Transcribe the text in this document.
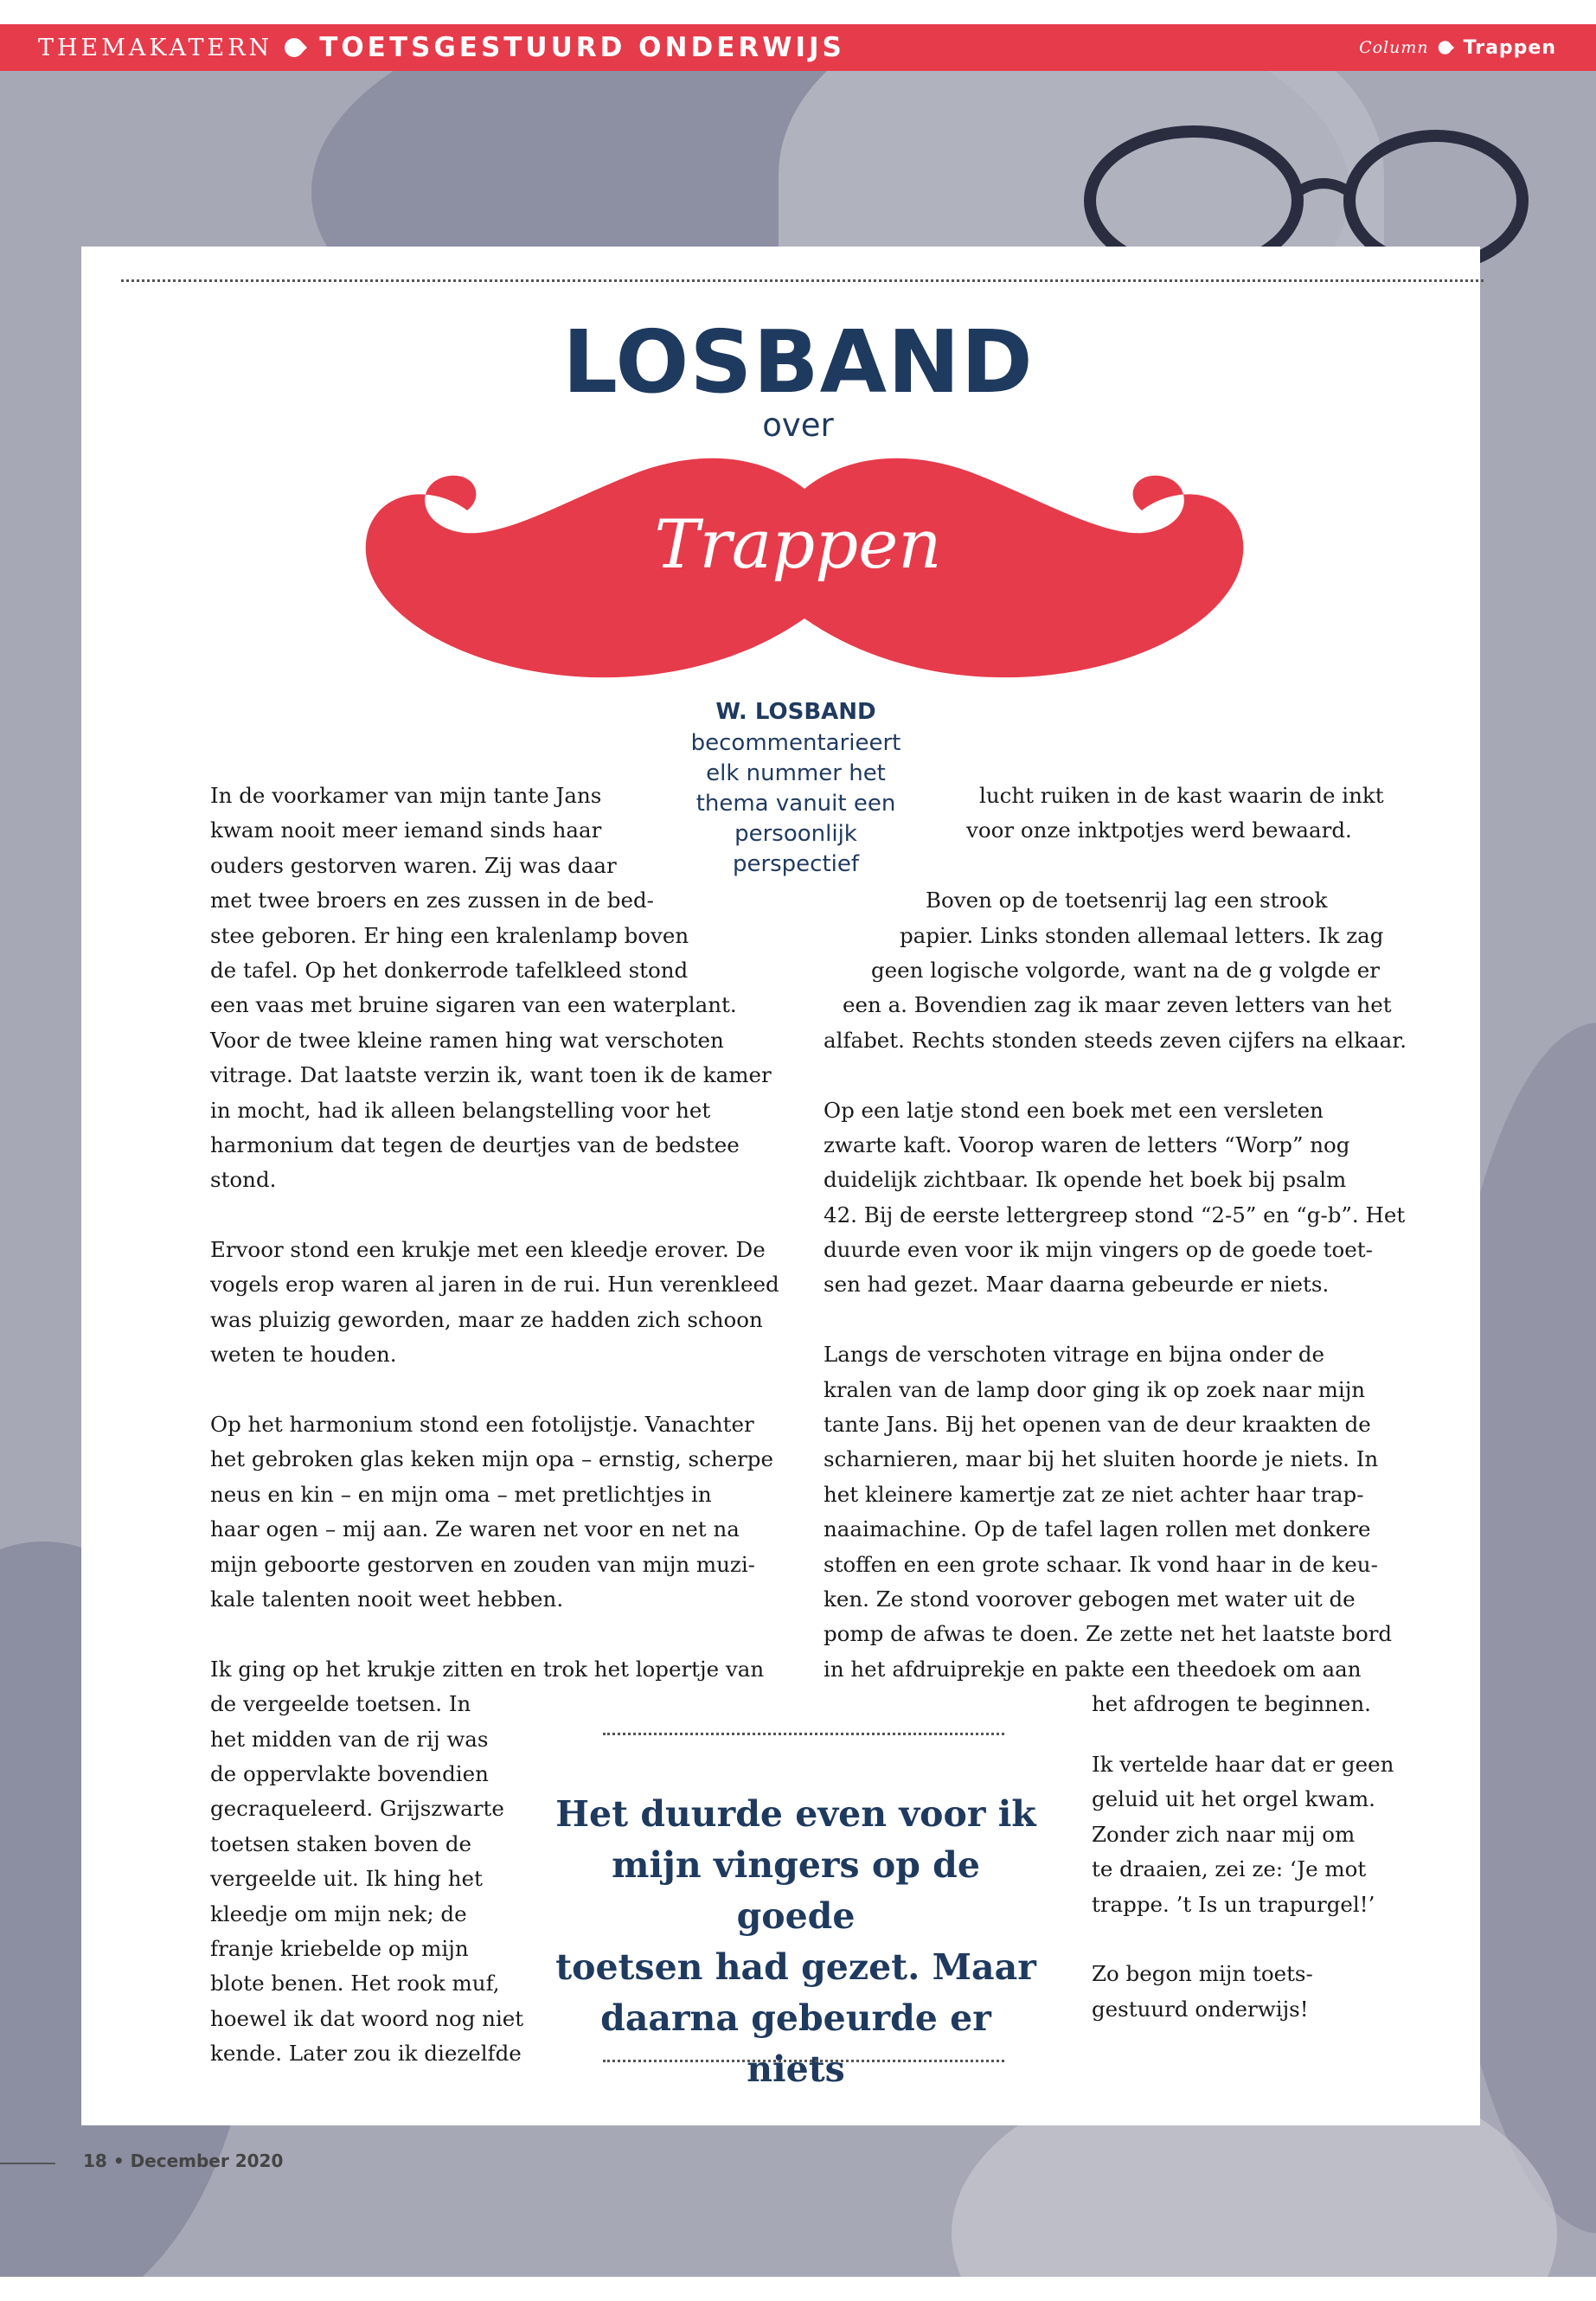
THEMAKATERN TOETSGESTUURD ONDERWIJS	Column Trappen
LOSBAND
over
Trappen
W. LOSBAND
becommentarieert
elk nummer het
thema vanuit een
persoonlijk
perspectief
In de voorkamer van mijn tante Jans
kwam nooit meer iemand sinds haar
ouders gestorven waren. Zij was daar
met twee broers en zes zussen in de bed-
stee geboren. Er hing een kralenlamp boven
de tafel. Op het donkerrode tafelkleed stond
een vaas met bruine sigaren van een waterplant.
Voor de twee kleine ramen hing wat verschoten
vitrage. Dat laatste verzin ik, want toen ik de kamer
in mocht, had ik alleen belangstelling voor het
harmonium dat tegen de deurtjes van de bedstee
stond.
Ervoor stond een krukje met een kleedje erover. De
vogels erop waren al jaren in de rui. Hun verenkleed
was pluizig geworden, maar ze hadden zich schoon
weten te houden.
Op het harmonium stond een fotolijstje. Vanachter
het gebroken glas keken mijn opa – ernstig, scherpe
neus en kin – en mijn oma – met pretlichtjes in
haar ogen – mij aan. Ze waren net voor en net na
mijn geboorte gestorven en zouden van mijn muzi-
kale talenten nooit weet hebben.
Ik ging op het krukje zitten en trok het lopertje van
de vergeelde toetsen. In
het midden van de rij was
de oppervlakte bovendien
gecraqueleerd. Grijszwarte
toetsen staken boven de
vergeelde uit. Ik hing het
kleedje om mijn nek; de
franje kriebelde op mijn
blote benen. Het rook muf,
hoewel ik dat woord nog niet
kende. Later zou ik diezelfde
lucht ruiken in de kast waarin de inkt
voor onze inktpotjes werd bewaard.
Boven op de toetsenrij lag een strook
papier. Links stonden allemaal letters. Ik zag
geen logische volgorde, want na de g volgde er
een a. Bovendien zag ik maar zeven letters van het
alfabet. Rechts stonden steeds zeven cijfers na elkaar.
Op een latje stond een boek met een versleten
zwarte kaft. Voorop waren de letters “Worp” nog
duidelijk zichtbaar. Ik opende het boek bij psalm
42. Bij de eerste lettergreep stond “2-5” en “g-b”. Het
duurde even voor ik mijn vingers op de goede toet-
sen had gezet. Maar daarna gebeurde er niets.
Langs de verschoten vitrage en bijna onder de
kralen van de lamp door ging ik op zoek naar mijn
tante Jans. Bij het openen van de deur kraakten de
scharnieren, maar bij het sluiten hoorde je niets. In
het kleinere kamertje zat ze niet achter haar trap-
naaimachine. Op de tafel lagen rollen met donkere
stoffen en een grote schaar. Ik vond haar in de keu-
ken. Ze stond voorover gebogen met water uit de
pomp de afwas te doen. Ze zette net het laatste bord
in het afdruiprekje en pakte een theedoek om aan
het afdrogen te beginnen.
Ik vertelde haar dat er geen
geluid uit het orgel kwam.
Zonder zich naar mij om
te draaien, zei ze: ‘Je mot
trappe. ’t Is un trapurgel!’
Zo begon mijn toets-
gestuurd onderwijs!
Het duurde even voor ik
mijn vingers op de goede
toetsen had gezet. Maar
daarna gebeurde er niets
18 • December 2020
